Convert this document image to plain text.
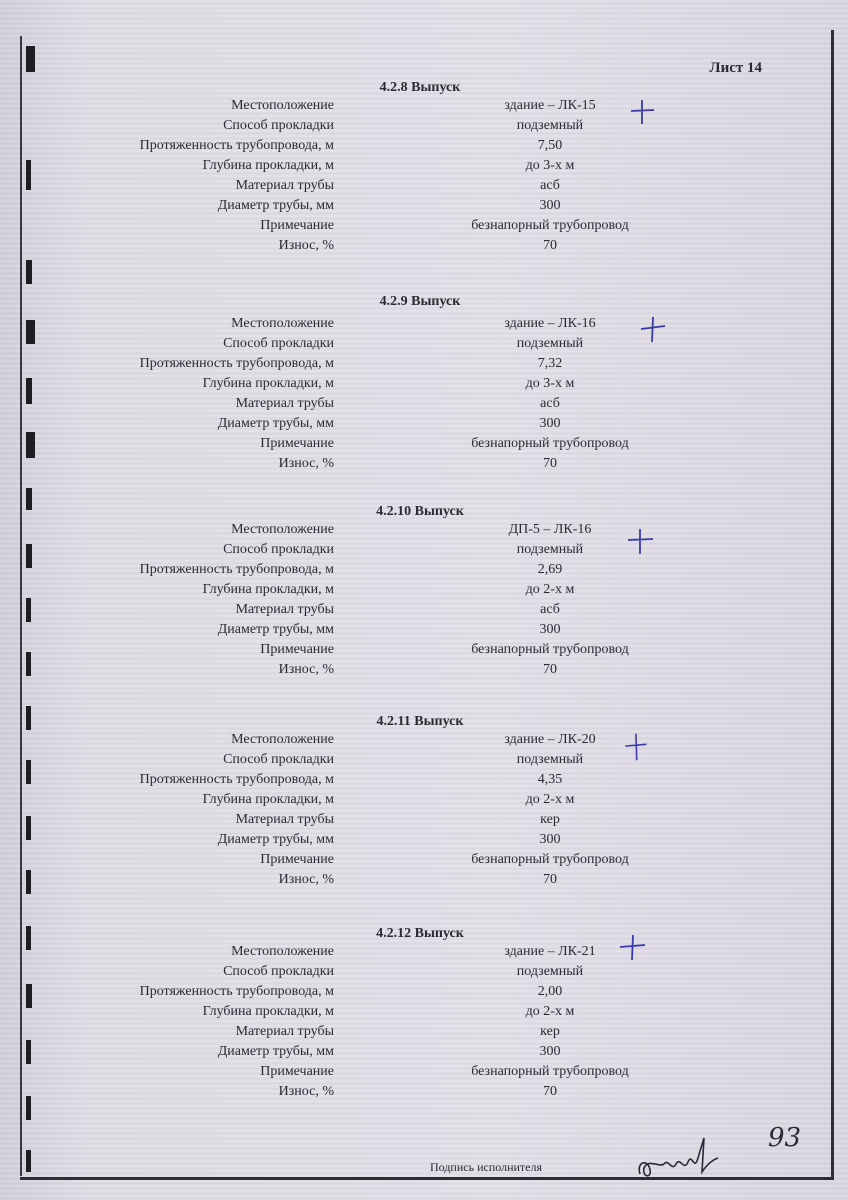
Лист 14
4.2.8 Выпуск
Местоположение	здание – ЛК-15
Способ прокладки	подземный
Протяженность трубопровода, м	7,50
Глубина прокладки, м	до 3-х м
Материал трубы	асб
Диаметр трубы, мм	300
Примечание	безнапорный трубопровод
Износ, %	70
4.2.9 Выпуск
Местоположение	здание – ЛК-16
Способ прокладки	подземный
Протяженность трубопровода, м	7,32
Глубина прокладки, м	до 3-х м
Материал трубы	асб
Диаметр трубы, мм	300
Примечание	безнапорный трубопровод
Износ, %	70
4.2.10 Выпуск
Местоположение	ДП-5 – ЛК-16
Способ прокладки	подземный
Протяженность трубопровода, м	2,69
Глубина прокладки, м	до 2-х м
Материал трубы	асб
Диаметр трубы, мм	300
Примечание	безнапорный трубопровод
Износ, %	70
4.2.11 Выпуск
Местоположение	здание – ЛК-20
Способ прокладки	подземный
Протяженность трубопровода, м	4,35
Глубина прокладки, м	до 2-х м
Материал трубы	кер
Диаметр трубы, мм	300
Примечание	безнапорный трубопровод
Износ, %	70
4.2.12 Выпуск
Местоположение	здание – ЛК-21
Способ прокладки	подземный
Протяженность трубопровода, м	2,00
Глубина прокладки, м	до 2-х м
Материал трубы	кер
Диаметр трубы, мм	300
Примечание	безнапорный трубопровод
Износ, %	70
93
Подпись исполнителя
